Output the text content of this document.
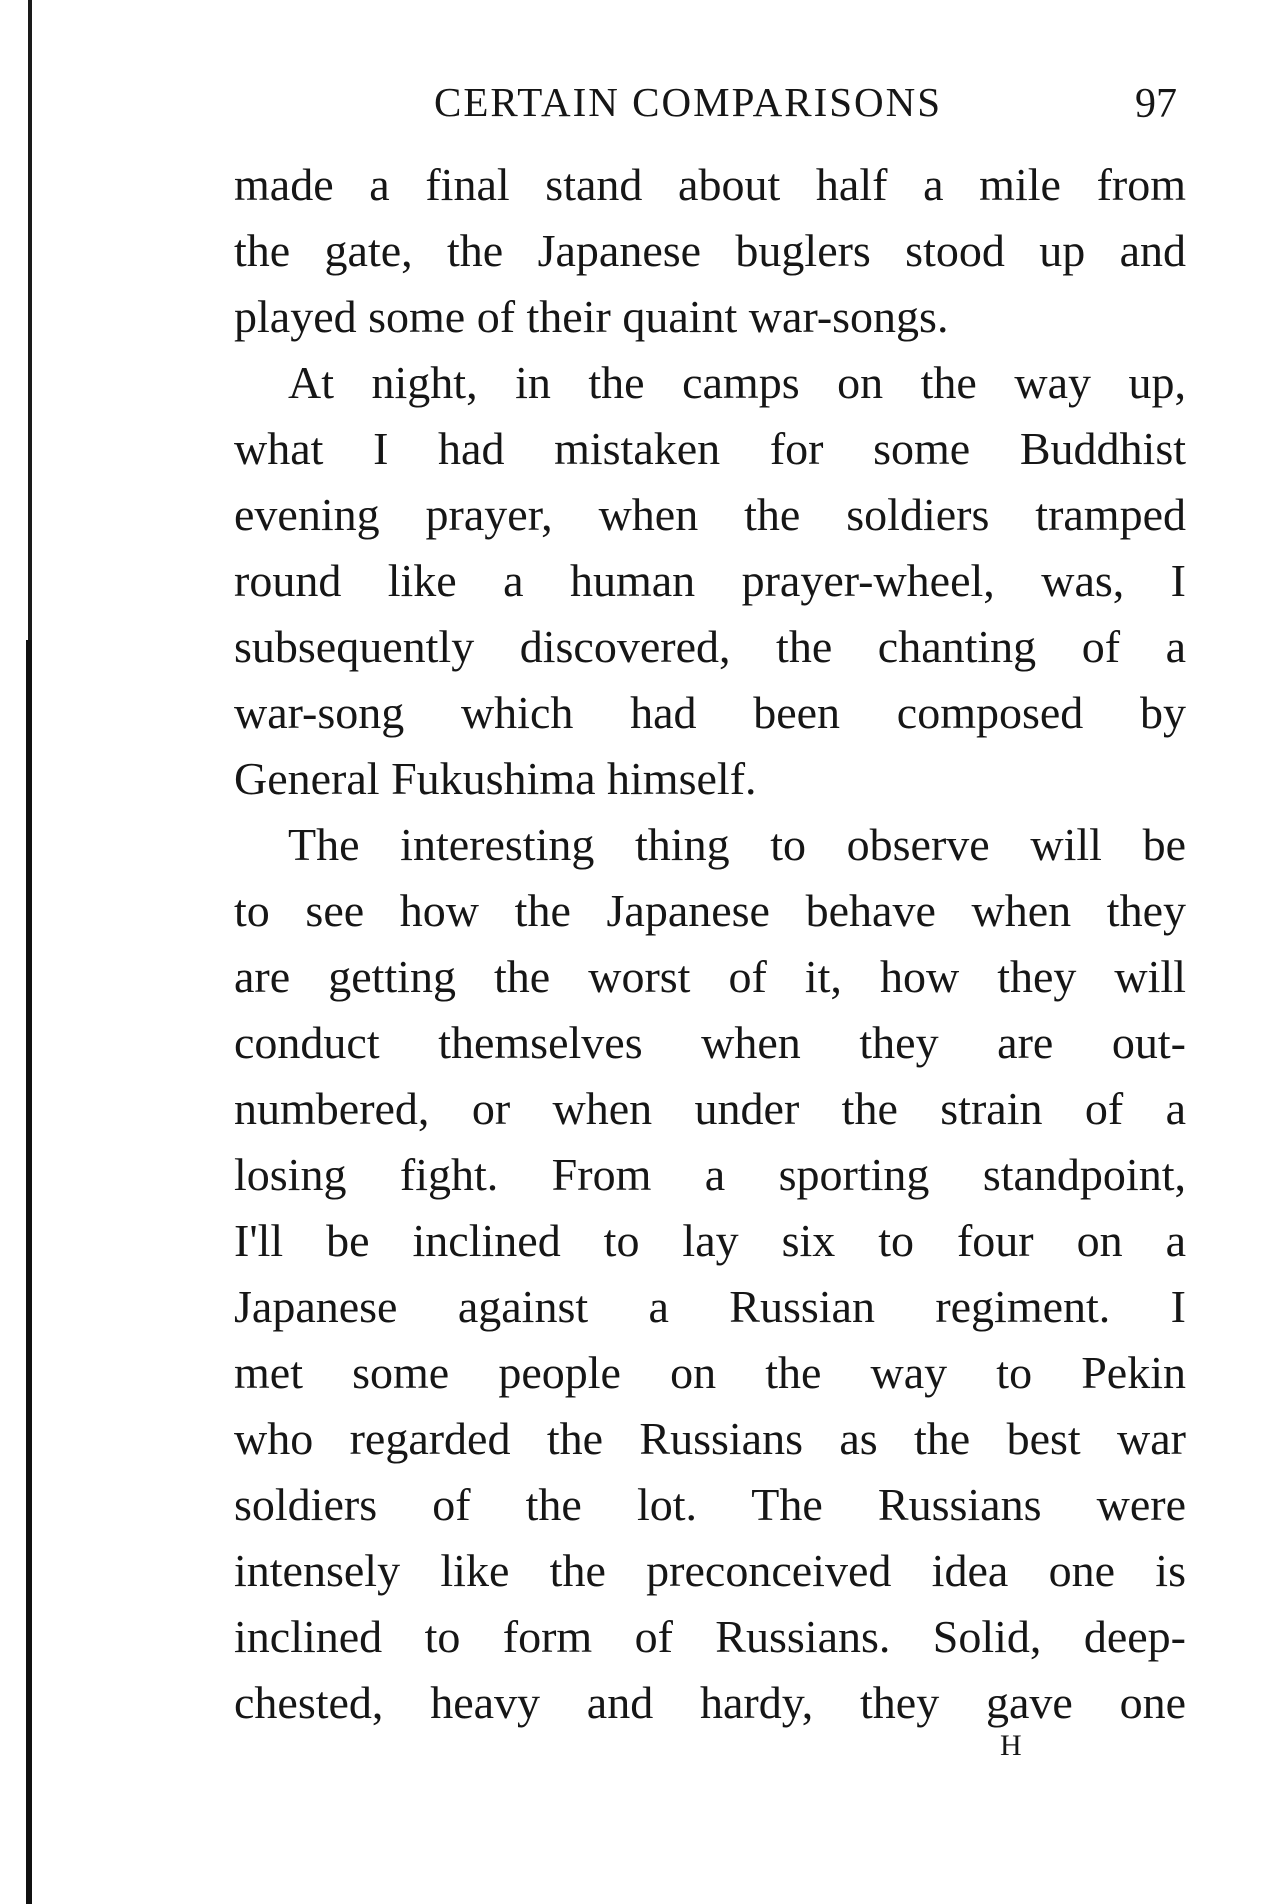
CERTAIN COMPARISONS	97
made a final stand about half a mile from
the gate, the Japanese buglers stood up and
played some of their quaint war-songs.
At night, in the camps on the way up,
what I had mistaken for some Buddhist
evening prayer, when the soldiers tramped
round like a human prayer-wheel, was, I
subsequently discovered, the chanting of a
war-song which had been composed by
General Fukushima himself.
The interesting thing to observe will be
to see how the Japanese behave when they
are getting the worst of it, how they will
conduct themselves when they are out-
numbered, or when under the strain of a
losing fight. From a sporting standpoint,
I'll be inclined to lay six to four on a
Japanese against a Russian regiment. I
met some people on the way to Pekin
who regarded the Russians as the best war
soldiers of the lot. The Russians were
intensely like the preconceived idea one is
inclined to form of Russians. Solid, deep-
chested, heavy and hardy, they gave one
H
